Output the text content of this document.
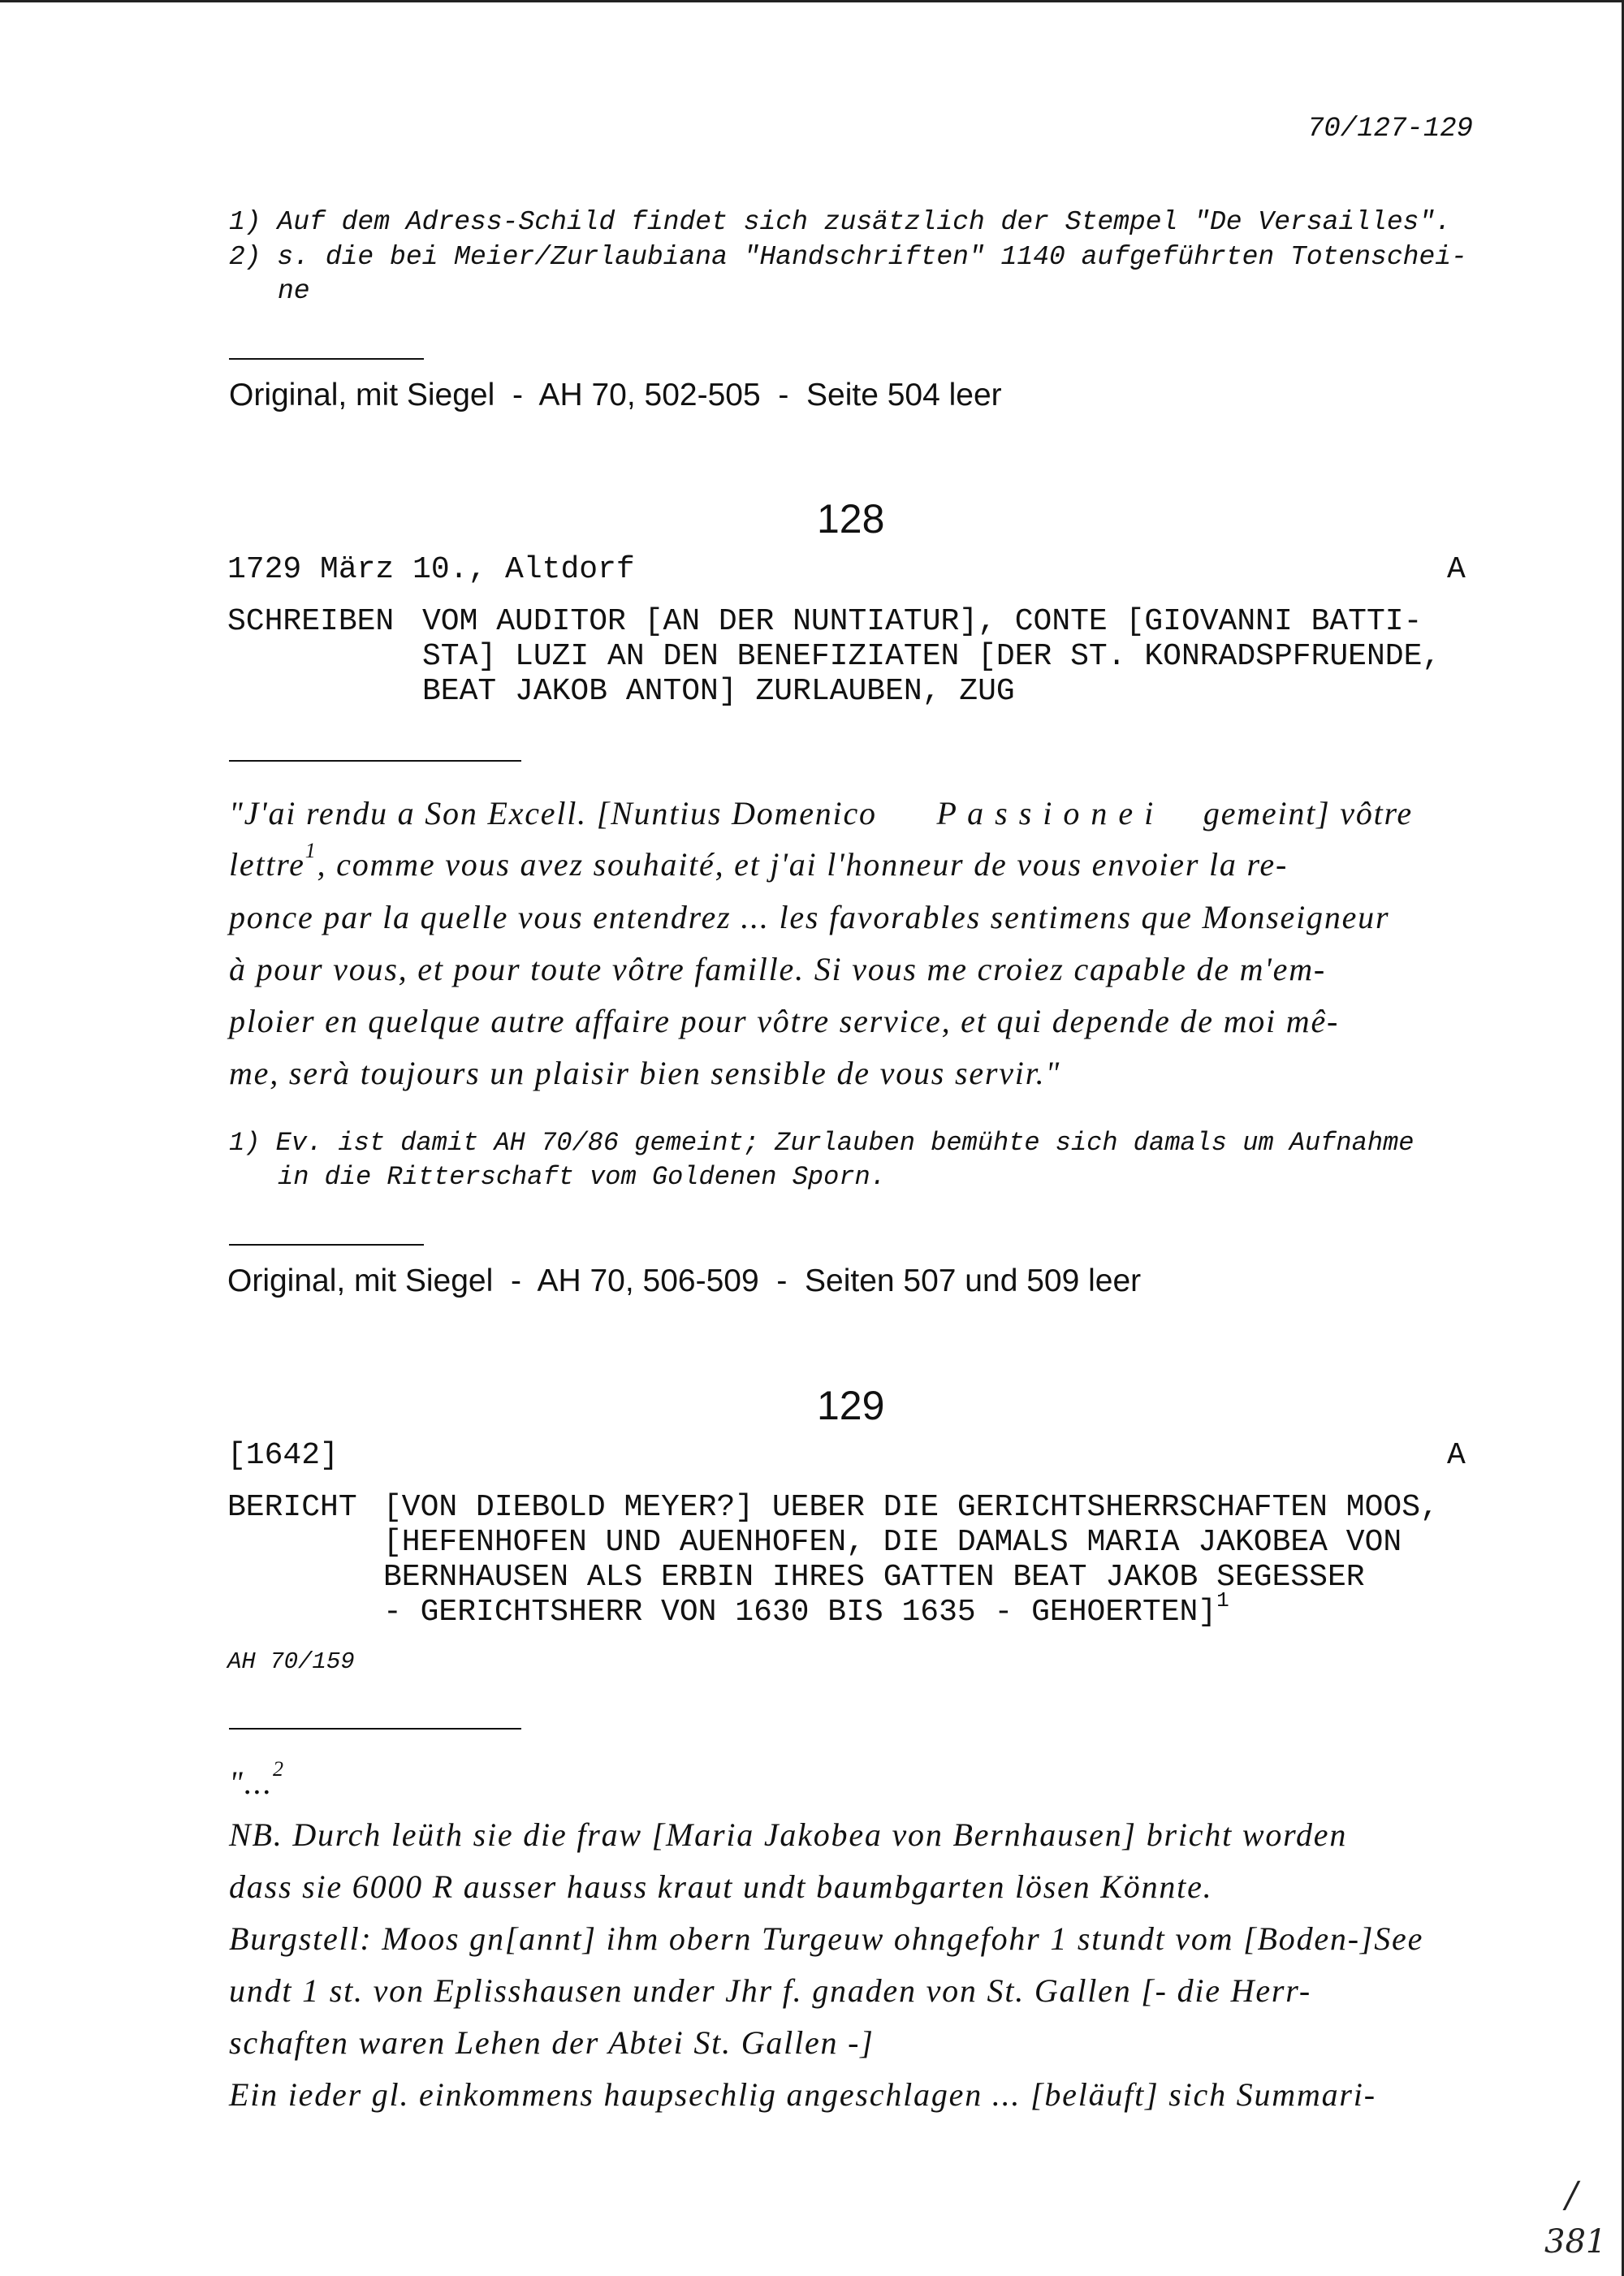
70/127-129
1) Auf dem Adress-Schild findet sich zusätzlich der Stempel "De Versailles".
2) s. die bei Meier/Zurlaubiana "Handschriften" 1140 aufgeführten Totenschei-
ne
Original, mit Siegel  -  AH 70, 502-505  -  Seite 504 leer
128
1729 März 10., Altdorf	A
SCHREIBEN VOM AUDITOR [AN DER NUNTIATUR], CONTE [GIOVANNI BATTI-
STA] LUZI AN DEN BENEFIZIATEN [DER ST. KONRADSPFRUENDE,
BEAT JAKOB ANTON] ZURLAUBEN, ZUG
"J'ai rendu a Son Excell. [Nuntius Domenico P a s s i o n e i gemeint] vôtre
lettre$^1$, comme vous avez souhaité, et j'ai l'honneur de vous envoier la re-
ponce par la quelle vous entendrez ... les favorables sentimens que Monseigneur
à pour vous, et pour toute vôtre famille. Si vous me croiez capable de m'em-
ploier en quelque autre affaire pour vôtre service, et qui depende de moi mê-
me, serà toujours un plaisir bien sensible de vous servir."
1) Ev. ist damit AH 70/86 gemeint; Zurlauben bemühte sich damals um Aufnahme
in die Ritterschaft vom Goldenen Sporn.
Original, mit Siegel  -  AH 70, 506-509  -  Seiten 507 und 509 leer
129
[1642]	A
BERICHT [VON DIEBOLD MEYER?] UEBER DIE GERICHTSHERRSCHAFTEN MOOS,
[HEFENHOFEN UND AUENHOFEN, DIE DAMALS MARIA JAKOBEA VON
BERNHAUSEN ALS ERBIN IHRES GATTEN BEAT JAKOB SEGESSER
- GERICHTSHERR VON 1630 BIS 1635 - GEHOERTEN]$^1$
AH 70/159
"...$^2$
NB. Durch leüth sie die fraw [Maria Jakobea von Bernhausen] bricht worden
dass sie 6000 R ausser hauss kraut undt baumbgarten lösen Könnte.
Burgstell: Moos gn[annt] ihm obern Turgeuw ohngefohr 1 stundt vom [Boden-]See
undt 1 st. von Eplisshausen under Jhr f. gnaden von St. Gallen [- die Herr-
schaften waren Lehen der Abtei St. Gallen -]
Ein ieder gl. einkommens haupsechlig angeschlagen ... [beläuft] sich Summari-
/
381
